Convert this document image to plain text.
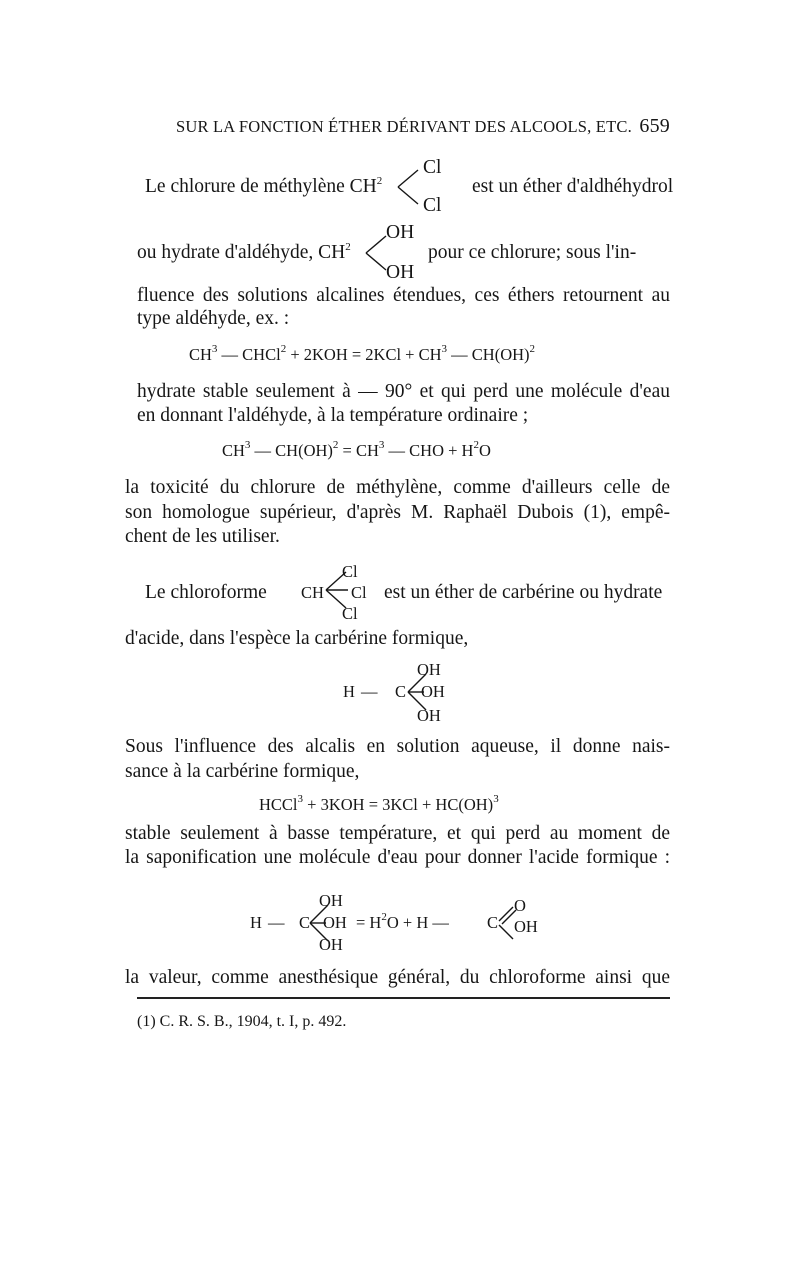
SUR LA FONCTION ÉTHER DÉRIVANT DES ALCOOLS, ETC. 659
Le chlorure de méthylène $CH^2$
Cl
Cl
est un éther d'aldhéhydrol
ou hydrate d'aldéhyde, $CH^2$
OH
OH
pour ce chlorure; sous l'in-
fluence des solutions alcalines étendues, ces éthers retournent au
type aldéhyde, ex. :
$CH^3$ — CHCl$^2$ + $2KOH = 2KCl + CH^3$ — CH(OH)$^2$
hydrate stable seulement à — 90° et qui perd une molécule d'eau
en donnant l'aldéhyde, à la température ordinaire ;
$CH^3$ — $CH(OH)^2 = CH^3$ — CHO + $H^2O$
la toxicité du chlorure de méthylène, comme d'ailleurs celle de
son homologue supérieur, d'après M. Raphaël Dubois (1), empê-
chent de les utiliser.
Le chloroforme CH
Cl
Cl
Cl
est un éther de carbérine ou hydrate
d'acide, dans l'espèce la carbérine formique,
H — C
OH
OH
OH
Sous l'influence des alcalis en solution aqueuse, il donne nais-
sance à la carbérine formique,
HCCl$^3$ + 3KOH = 3KCl + HC(OH)$^3$
stable seulement à basse température, et qui perd au moment de
la saponification une molécule d'eau pour donner l'acide formique :
H — C
OH
OH
OH
= $H^2O + H$ — C
O
OH
la valeur, comme anesthésique général, du chloroforme ainsi que
(1) C. R. S. B., 1904, t. I, p. 492.
